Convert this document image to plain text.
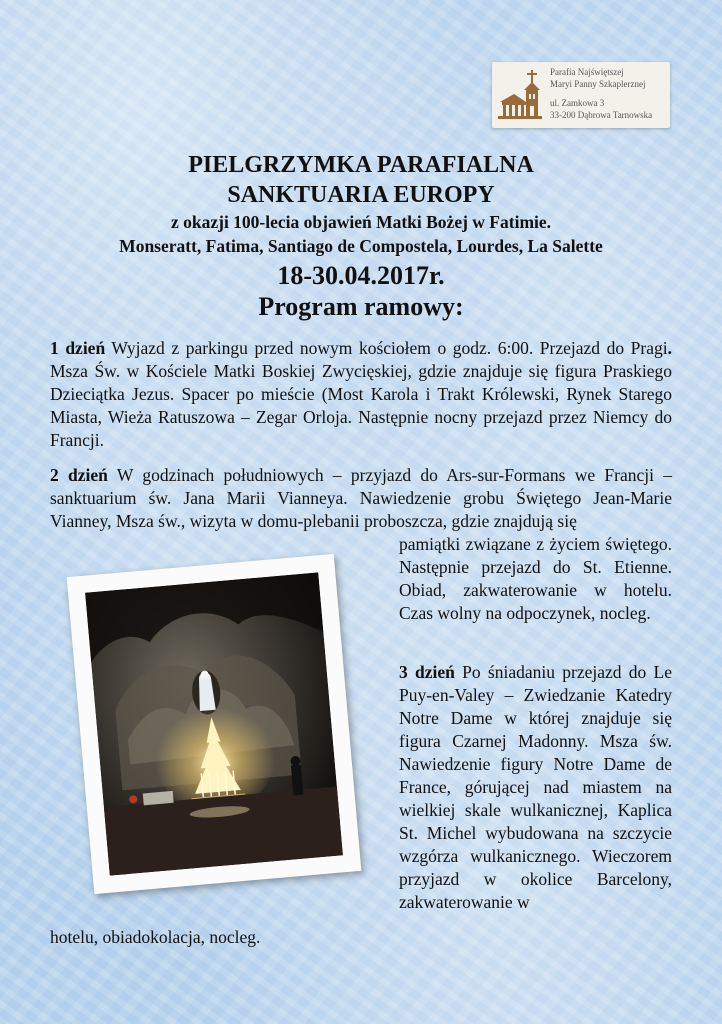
Parafia Najświętszej
Maryi Panny Szkaplerznej
ul. Zamkowa 3
33-200 Dąbrowa Tarnowska
PIELGRZYMKA PARAFIALNA
SANKTUARIA EUROPY
z okazji 100-lecia objawień Matki Bożej w Fatimie.
Monseratt, Fatima, Santiago de Compostela, Lourdes, La Salette
18-30.04.2017r.
Program ramowy:
1 dzień Wyjazd z parkingu przed nowym kościołem o godz. 6:00. Przejazd do Pragi. Msza Św. w Kościele Matki Boskiej Zwycięskiej, gdzie znajduje się figura Praskiego Dzieciątka Jezus. Spacer po mieście (Most Karola i Trakt Królewski, Rynek Starego Miasta, Wieża Ratuszowa – Zegar Orloja. Następnie nocny przejazd przez Niemcy do Francji.
2 dzień W godzinach południowych – przyjazd do Ars-sur-Formans we Francji – sanktuarium św. Jana Marii Vianneya. Nawiedzenie grobu Świętego Jean-Marie Vianney, Msza św., wizyta w domu-plebanii proboszcza, gdzie znajdują się
pamiątki związane z życiem świętego. Następnie przejazd do St. Etienne. Obiad, zakwaterowanie w hotelu. Czas wolny na odpoczynek, nocleg.
3 dzień Po śniadaniu przejazd do Le Puy-en-Valey – Zwiedzanie Katedry Notre Dame w której znajduje się figura Czarnej Madonny. Msza św. Nawiedzenie figury Notre Dame de France, górującej nad miastem na wielkiej skale wulkanicznej, Kaplica St. Michel wybudowana na szczycie wzgórza wulkanicznego. Wieczorem przyjazd w okolice Barcelony, zakwaterowanie w
hotelu, obiadokolacja, nocleg.
